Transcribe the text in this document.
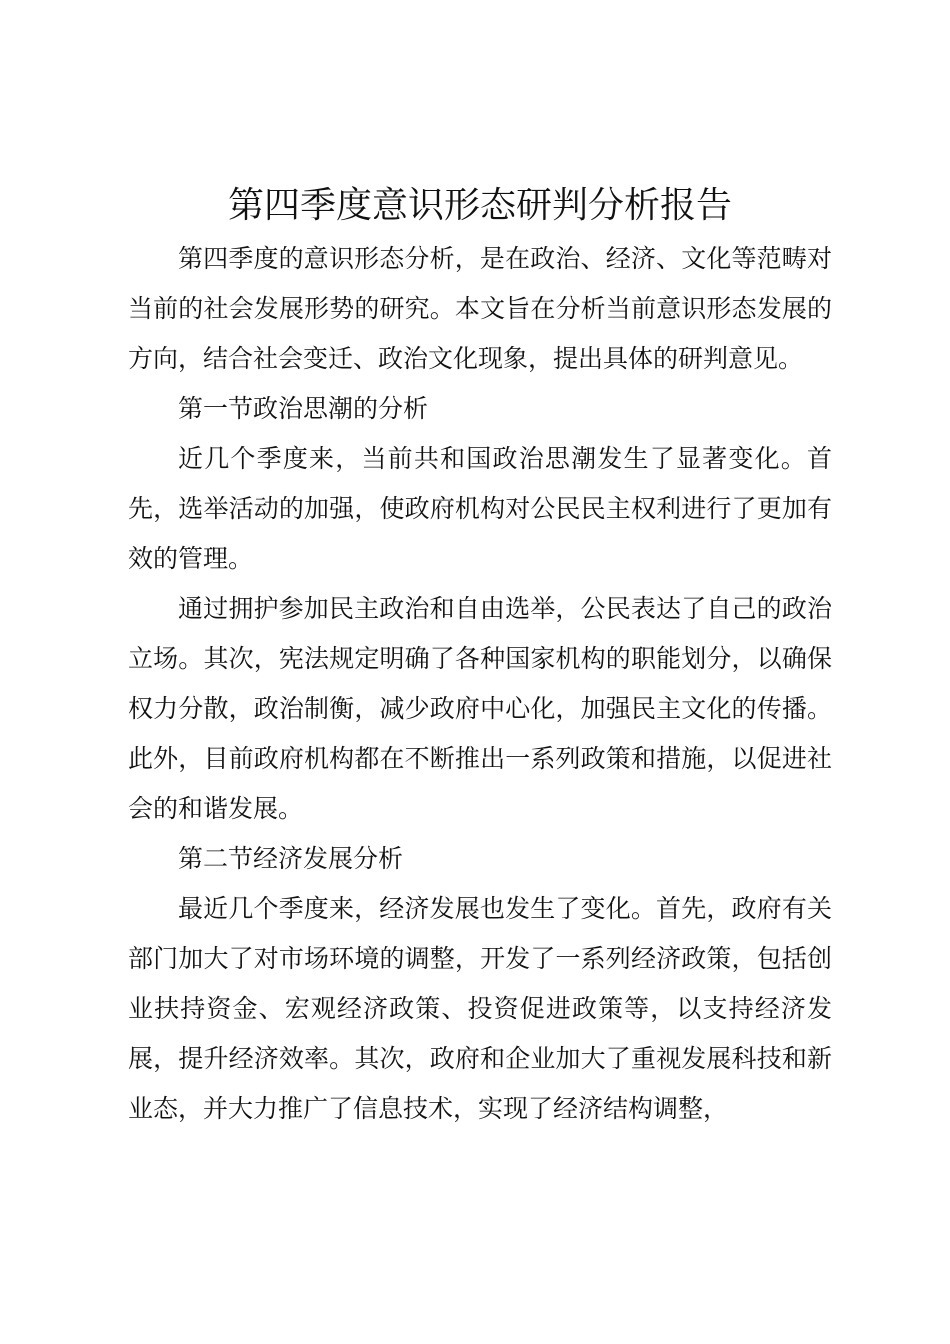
第四季度意识形态研判分析报告

第四季度的意识形态分析，是在政治、经济、文化等范畴对当前的社会发展形势的研究。本文旨在分析当前意识形态发展的方向，结合社会变迁、政治文化现象，提出具体的研判意见。

第一节政治思潮的分析

近几个季度来，当前共和国政治思潮发生了显著变化。首先，选举活动的加强，使政府机构对公民民主权利进行了更加有效的管理。

通过拥护参加民主政治和自由选举，公民表达了自己的政治立场。其次，宪法规定明确了各种国家机构的职能划分，以确保权力分散，政治制衡，减少政府中心化，加强民主文化的传播。此外，目前政府机构都在不断推出一系列政策和措施，以促进社会的和谐发展。

第二节经济发展分析

最近几个季度来，经济发展也发生了变化。首先，政府有关部门加大了对市场环境的调整，开发了一系列经济政策，包括创业扶持资金、宏观经济政策、投资促进政策等，以支持经济发展，提升经济效率。其次，政府和企业加大了重视发展科技和新业态，并大力推广了信息技术，实现了经济结构调整，
